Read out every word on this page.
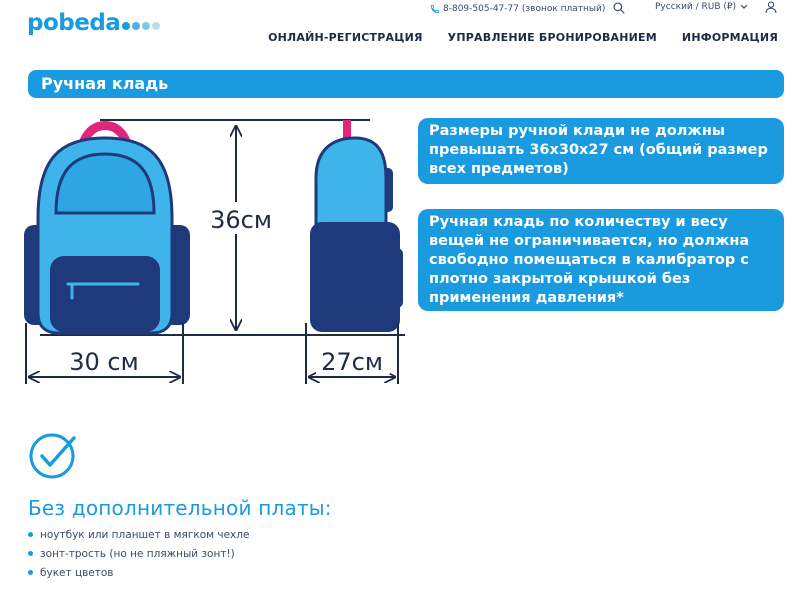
pobeda
8-809-505-47-77 (звонок платный)	Русский / RUB (₽)
ОНЛАЙН-РЕГИСТРАЦИЯ УПРАВЛЕНИЕ БРОНИРОВАНИЕМ ИНФОРМАЦИЯ
Ручная кладь
36см
30 см	27см
Размеры ручной клади не должны превышать 36x30x27 см (общий размер всех предметов)
Ручная кладь по количеству и весу вещей не ограничивается, но должна свободно помещаться в калибратор с плотно закрытой крышкой без применения давления*
Без дополнительной платы:
ноутбук или планшет в мягком чехле
зонт-трость (но не пляжный зонт!)
букет цветов
